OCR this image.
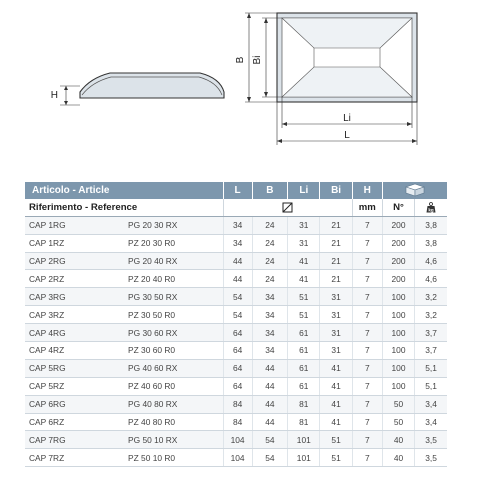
H
B Bi
Li
L
Articolo - Article		L	B	Li	Bi	H	
Riferimento - Reference						mm	N°	kg

CAP 1RG	PG 20 30 RX	34	24	31	21	7	200	3,8
CAP 1RZ	PZ 20 30 R0	34	24	31	21	7	200	3,8
CAP 2RG	PG 20 40 RX	44	24	41	21	7	200	4,6
CAP 2RZ	PZ 20 40 R0	44	24	41	21	7	200	4,6
CAP 3RG	PG 30 50 RX	54	34	51	31	7	100	3,2
CAP 3RZ	PZ 30 50 R0	54	34	51	31	7	100	3,2
CAP 4RG	PG 30 60 RX	64	34	61	31	7	100	3,7
CAP 4RZ	PZ 30 60 R0	64	34	61	31	7	100	3,7
CAP 5RG	PG 40 60 RX	64	44	61	41	7	100	5,1
CAP 5RZ	PZ 40 60 R0	64	44	61	41	7	100	5,1
CAP 6RG	PG 40 80 RX	84	44	81	41	7	50	3,4
CAP 6RZ	PZ 40 80 R0	84	44	81	41	7	50	3,4
CAP 7RG	PG 50 10 RX	104	54	101	51	7	40	3,5
CAP 7RZ	PZ 50 10 R0	104	54	101	51	7	40	3,5
